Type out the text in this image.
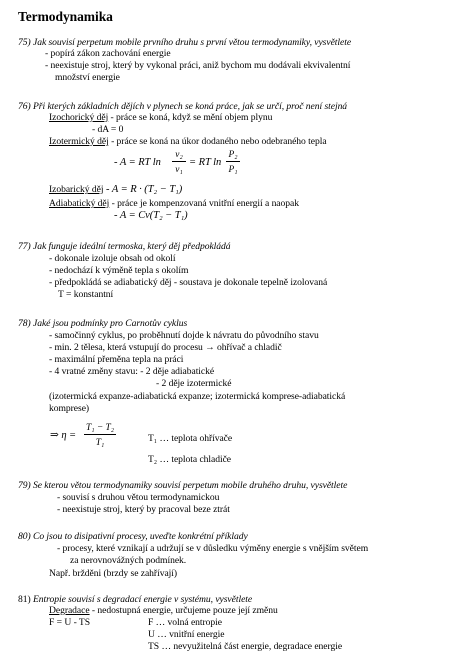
Termodynamika
75) Jak souvisí perpetum mobile prvního druhu s první větou termodynamiky, vysvětlete
- popírá zákon zachování energie
- neexistuje stroj, který by vykonal práci, aniž bychom mu dodávali ekvivalentní
množství energie
76) Při kterých základních dějích v plynech se koná práce, jak se určí, proč není stejná
Izochorický děj - práce se koná, když se mění objem plynu
- dA = 0
Izotermický děj - práce se koná na úkor dodaného nebo odebraného tepla
- A = RT ln
v₂
v₁
= RT ln
P₂
P₁
Izobarický děj - A = R · (T₂ − T₁)
Adiabatický děj - práce je kompenzovaná vnitřní energií a naopak
- A = Cv(T₂ − T₁)
77) Jak funguje ideální termoska, který děj předpokládá
- dokonale izoluje obsah od okolí
- nedochází k výměně tepla s okolím
- předpokládá se adiabatický děj - soustava je dokonale tepelně izolovaná
T = konstantní
78) Jaké jsou podmínky pro Carnotův cyklus
- samočinný cyklus, po proběhnutí dojde k návratu do původního stavu
- min. 2 tělesa, která vstupují do procesu → ohřívač a chladič
- maximální přeměna tepla na práci
- 4 vratné změny stavu: - 2 děje adiabatické
- 2 děje izotermické
(izotermická expanze-adiabatická expanze; izotermická komprese-adiabatická
komprese)
⇒ η =
T₁ − T₂
T₁	T₁ … teplota ohřívače
T₂ … teplota chladiče
79) Se kterou větou termodynamiky souvisí perpetum mobile druhého druhu, vysvětlete
- souvisí s druhou větou termodynamickou
- neexistuje stroj, který by pracoval beze ztrát
80) Co jsou to disipativní procesy, uveďte konkrétní příklady
- procesy, které vznikají a udržují se v důsledku výměny energie s vnějším světem
za nerovnovážných podmínek.
Např. bržděni (brzdy se zahřívají)
81) Entropie souvisí s degradací energie v systému, vysvětlete
Degradace - nedostupná energie, určujeme pouze její změnu
F = U - TS	F … volná entropie
U … vnitřní energie
TS … nevyužitelná část energie, degradace energie
